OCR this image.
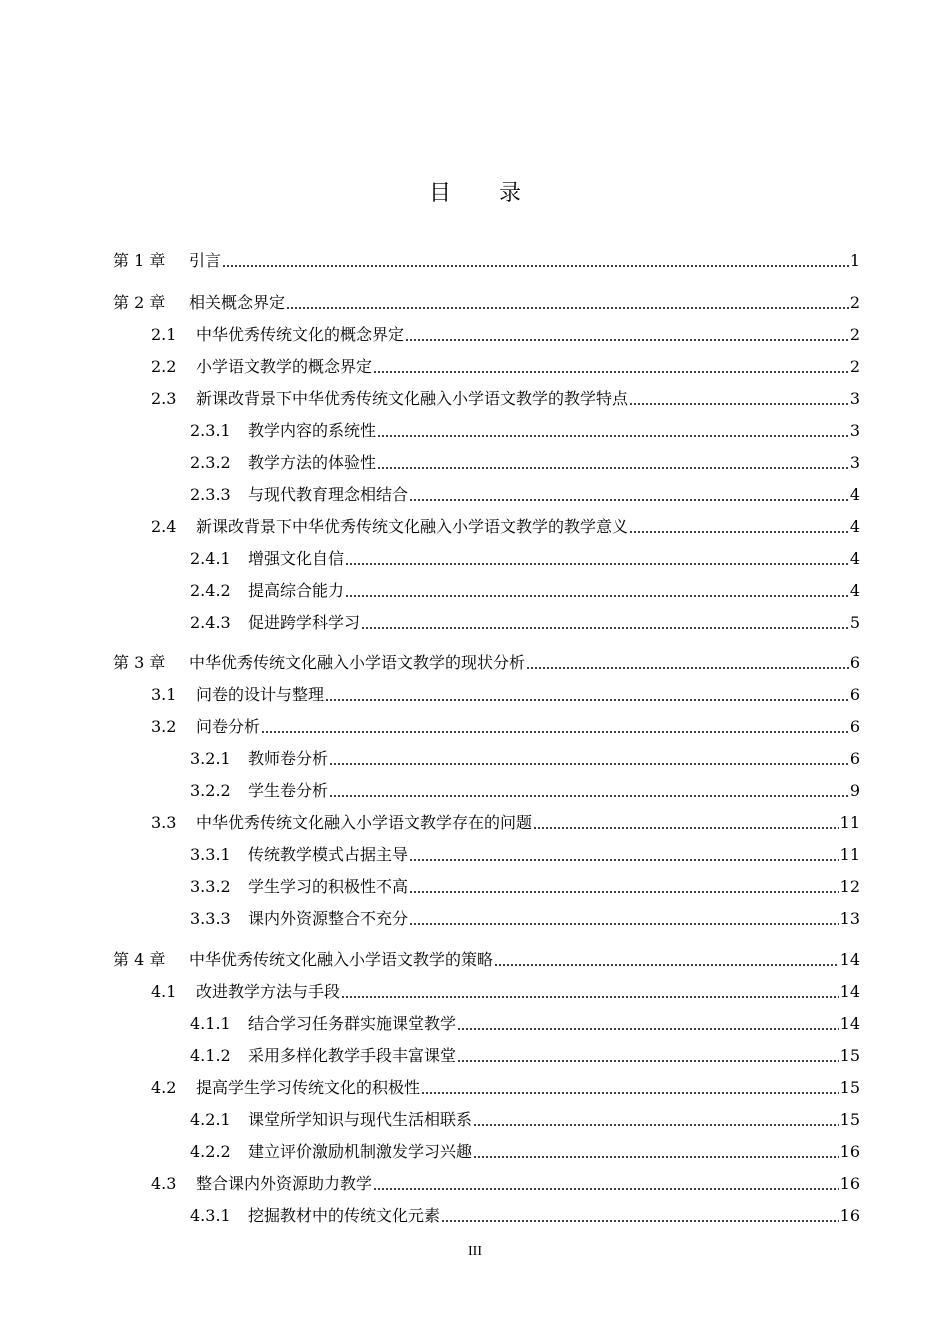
目录
第 1 章	引言	1
第 2 章	相关概念界定	2
2.1	中华优秀传统文化的概念界定	2
2.2	小学语文教学的概念界定	2
2.3	新课改背景下中华优秀传统文化融入小学语文教学的教学特点	3
2.3.1	教学内容的系统性	3
2.3.2	教学方法的体验性	3
2.3.3	与现代教育理念相结合	4
2.4	新课改背景下中华优秀传统文化融入小学语文教学的教学意义	4
2.4.1	增强文化自信	4
2.4.2	提高综合能力	4
2.4.3	促进跨学科学习	5
第 3 章	中华优秀传统文化融入小学语文教学的现状分析	6
3.1	问卷的设计与整理	6
3.2	问卷分析	6
3.2.1	教师卷分析	6
3.2.2	学生卷分析	9
3.3	中华优秀传统文化融入小学语文教学存在的问题	11
3.3.1	传统教学模式占据主导	11
3.3.2	学生学习的积极性不高	12
3.3.3	课内外资源整合不充分	13
第 4 章	中华优秀传统文化融入小学语文教学的策略	14
4.1	改进教学方法与手段	14
4.1.1	结合学习任务群实施课堂教学	14
4.1.2	采用多样化教学手段丰富课堂	15
4.2	提高学生学习传统文化的积极性	15
4.2.1	课堂所学知识与现代生活相联系	15
4.2.2	建立评价激励机制激发学习兴趣	16
4.3	整合课内外资源助力教学	16
4.3.1	挖掘教材中的传统文化元素	16
III
